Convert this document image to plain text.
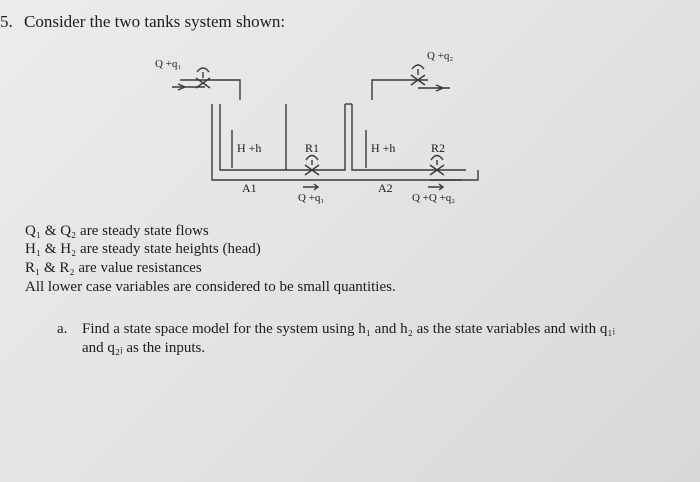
5. Consider the two tanks system shown:
Q +q₁
Q +q₂
H +h	H +h
R1	R2
A1	A2
Q +q₁	Q +Q +q₂
Q₁ & Q₂ are steady state flows
H₁ & H₂ are steady state heights (head)
R₁ & R₂ are value resistances
All lower case variables are considered to be small quantities.
a. Find a state space model for the system using h₁ and h₂ as the state variables and with q₁ᵢ
and q₂ᵢ as the inputs.
